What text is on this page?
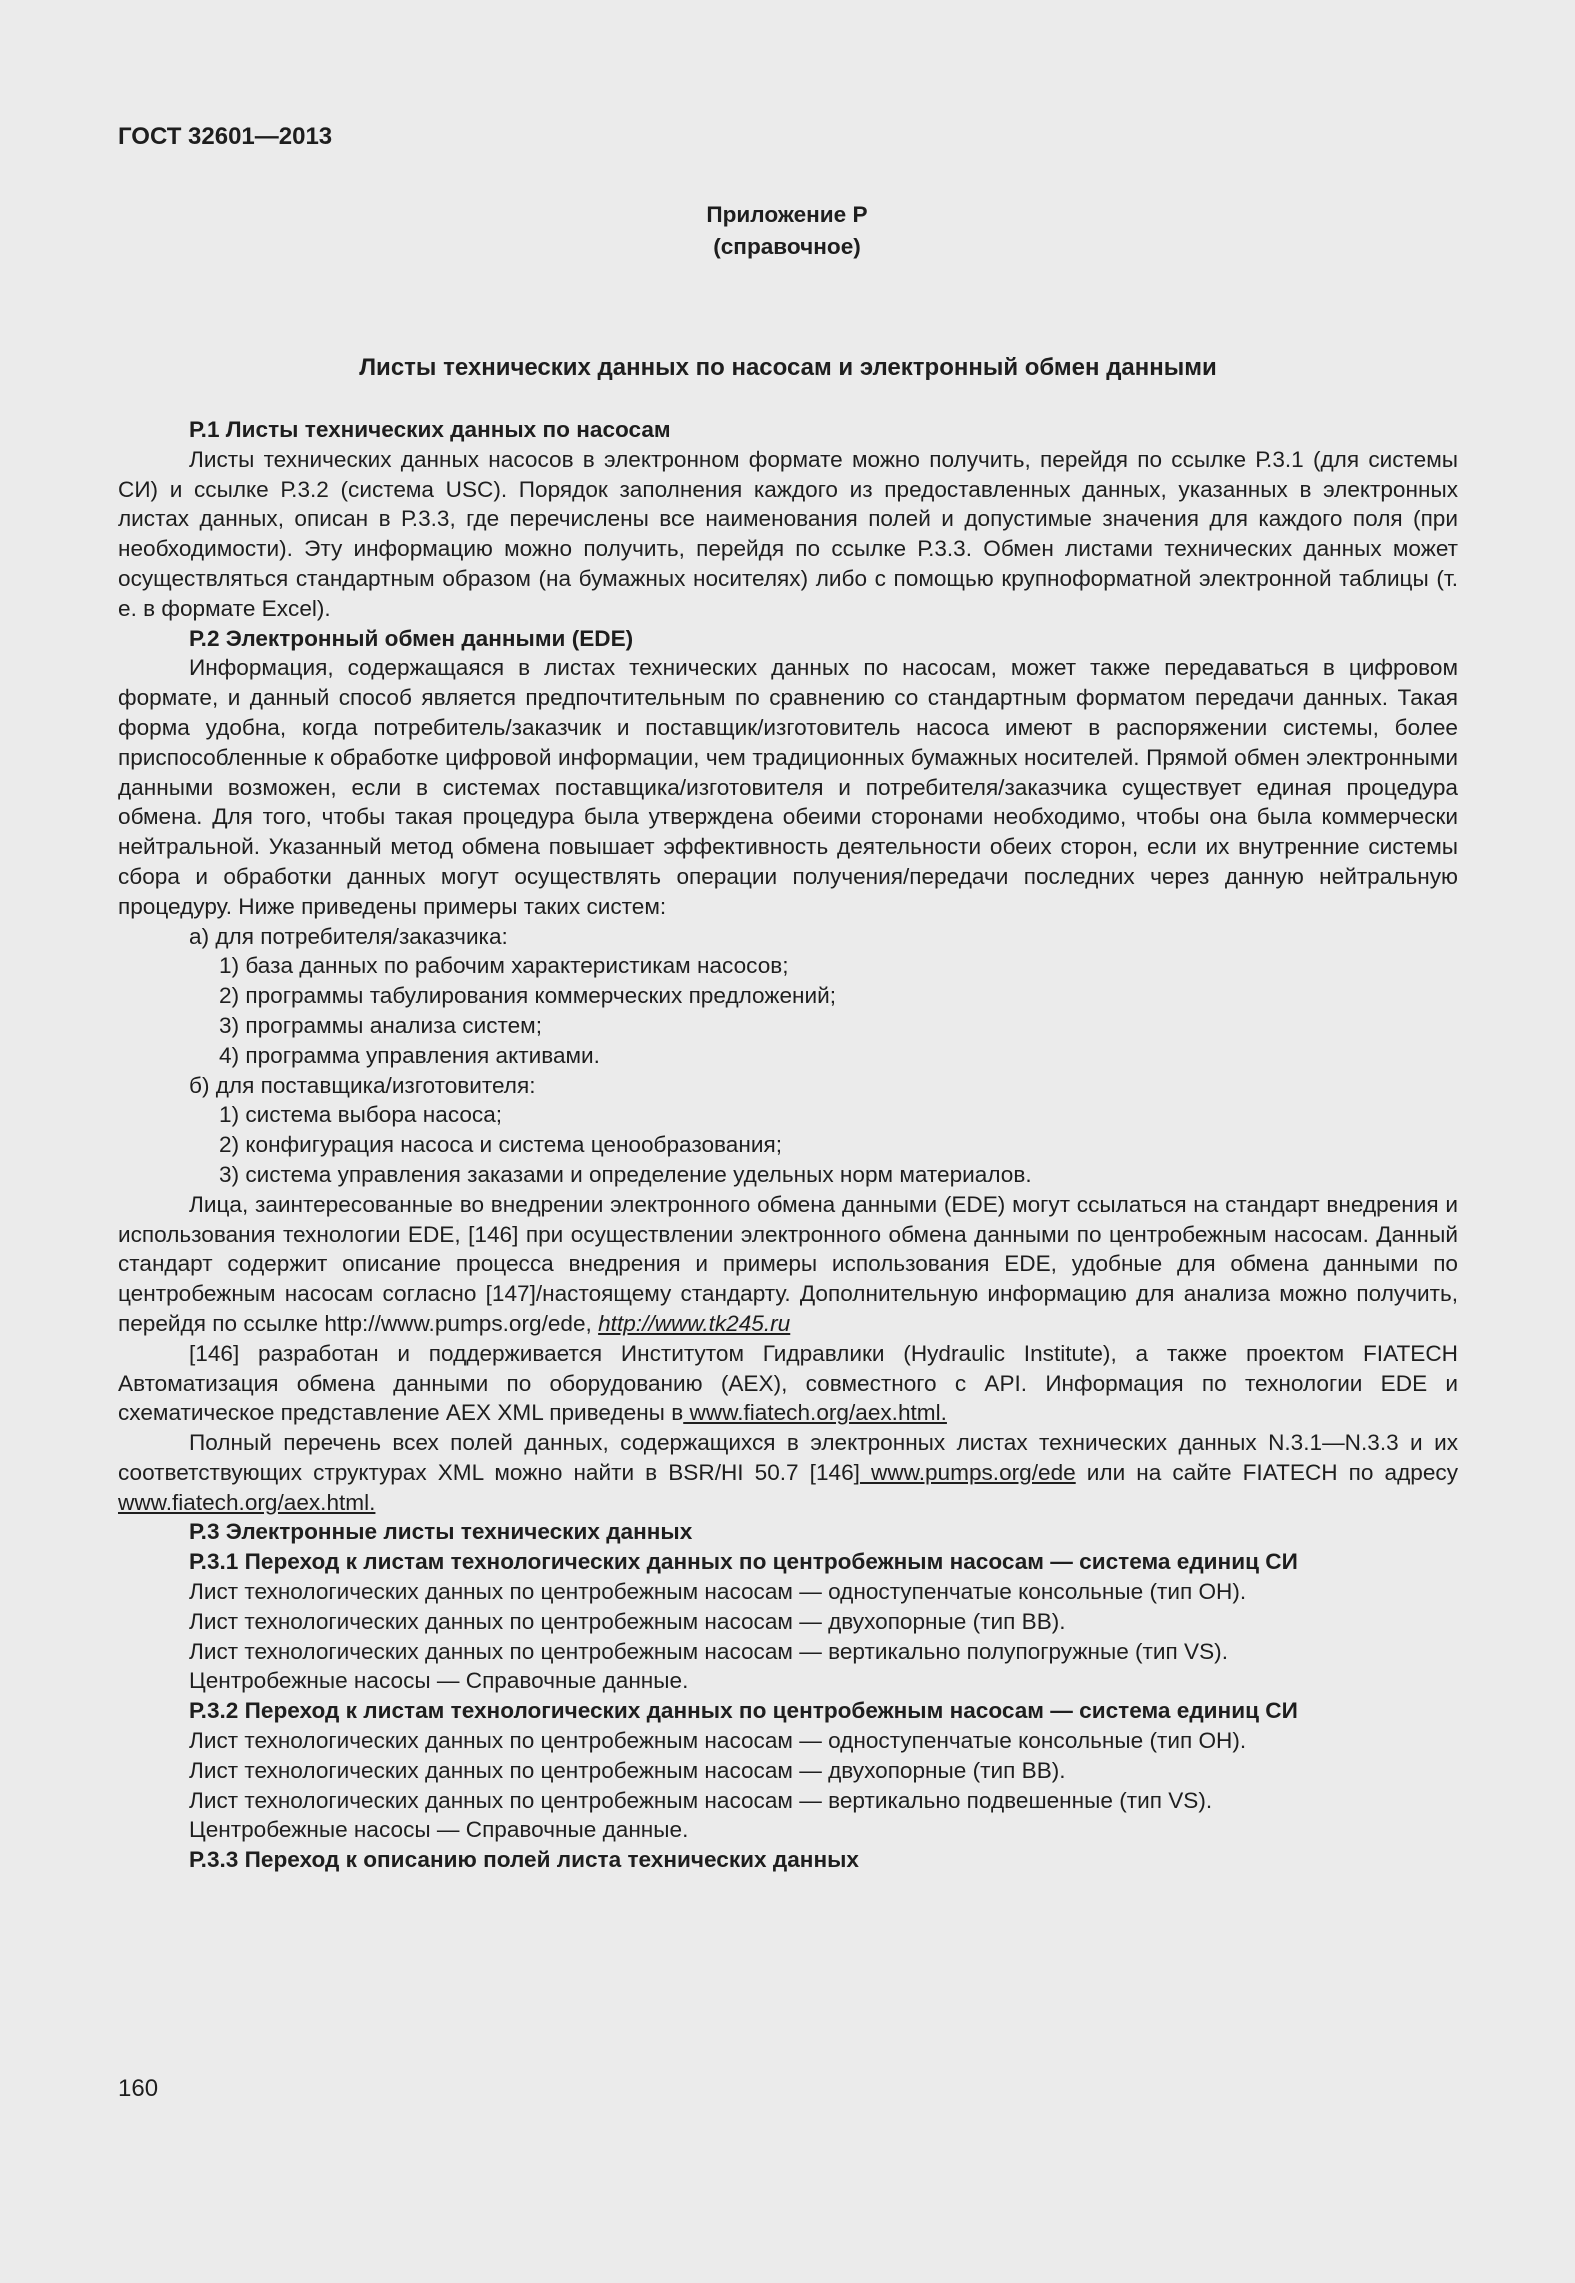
ГОСТ 32601—2013
Приложение Р
(справочное)
Листы технических данных по насосам и электронный обмен данными

Р.1 Листы технических данных по насосам

Листы технических данных насосов в электронном формате можно получить, перейдя по ссылке Р.3.1 (для системы СИ) и ссылке Р.3.2 (система USC). Порядок заполнения каждого из предоставленных данных, указанных в электронных листах данных, описан в Р.3.3, где перечислены все наименования полей и допустимые значения для каждого поля (при необходимости). Эту информацию можно получить, перейдя по ссылке Р.3.3. Обмен листами технических данных может осуществляться стандартным образом (на бумажных носителях) либо с помощью крупноформатной электронной таблицы (т. е. в формате Excel).

Р.2 Электронный обмен данными (EDE)

Информация, содержащаяся в листах технических данных по насосам, может также передаваться в цифровом формате, и данный способ является предпочтительным по сравнению со стандартным форматом передачи данных. Такая форма удобна, когда потребитель/заказчик и поставщик/изготовитель насоса имеют в распоряжении системы, более приспособленные к обработке цифровой информации, чем традиционных бумажных носителей. Прямой обмен электронными данными возможен, если в системах поставщика/изготовителя и потребителя/заказчика существует единая процедура обмена. Для того, чтобы такая процедура была утверждена обеими сторонами необходимо, чтобы она была коммерчески нейтральной. Указанный метод обмена повышает эффективность деятельности обеих сторон, если их внутренние системы сбора и обработки данных могут осуществлять операции получения/передачи последних через данную нейтральную процедуру. Ниже приведены примеры таких систем:

а) для потребителя/заказчика:

1) база данных по рабочим характеристикам насосов;

2) программы табулирования коммерческих предложений;

3) программы анализа систем;

4) программа управления активами.

б) для поставщика/изготовителя:

1) система выбора насоса;

2) конфигурация насоса и система ценообразования;

3) система управления заказами и определение удельных норм материалов.

Лица, заинтересованные во внедрении электронного обмена данными (EDE) могут ссылаться на стандарт внедрения и использования технологии EDE, [146] при осуществлении электронного обмена данными по центробежным насосам. Данный стандарт содержит описание процесса внедрения и примеры использования EDE, удобные для обмена данными по центробежным насосам согласно [147]/настоящему стандарту. Дополнительную информацию для анализа можно получить, перейдя по ссылке http://www.pumps.org/ede, http://www.tk245.ru

[146] разработан и поддерживается Институтом Гидравлики (Hydraulic Institute), а также проектом FIATECH Автоматизация обмена данными по оборудованию (AEX), совместного с API. Информация по технологии EDE и схематическое представление AEX XML приведены в www.fiatech.org/aex.html.

Полный перечень всех полей данных, содержащихся в электронных листах технических данных N.3.1—N.3.3 и их соответствующих структурах XML можно найти в BSR/HI 50.7 [146] www.pumps.org/ede или на сайте FIATECH по адресу www.fiatech.org/aex.html.

Р.3 Электронные листы технических данных

Р.3.1 Переход к листам технологических данных по центробежным насосам — система единиц СИ

Лист технологических данных по центробежным насосам — одноступенчатые консольные (тип ОН).

Лист технологических данных по центробежным насосам — двухопорные (тип ВВ).

Лист технологических данных по центробежным насосам — вертикально полупогружные (тип VS).

Центробежные насосы — Справочные данные.

Р.3.2 Переход к листам технологических данных по центробежным насосам — система единиц СИ

Лист технологических данных по центробежным насосам — одноступенчатые консольные (тип ОН).

Лист технологических данных по центробежным насосам — двухопорные (тип ВВ).

Лист технологических данных по центробежным насосам — вертикально подвешенные (тип VS).

Центробежные насосы — Справочные данные.

Р.3.3 Переход к описанию полей листа технических данных

160
